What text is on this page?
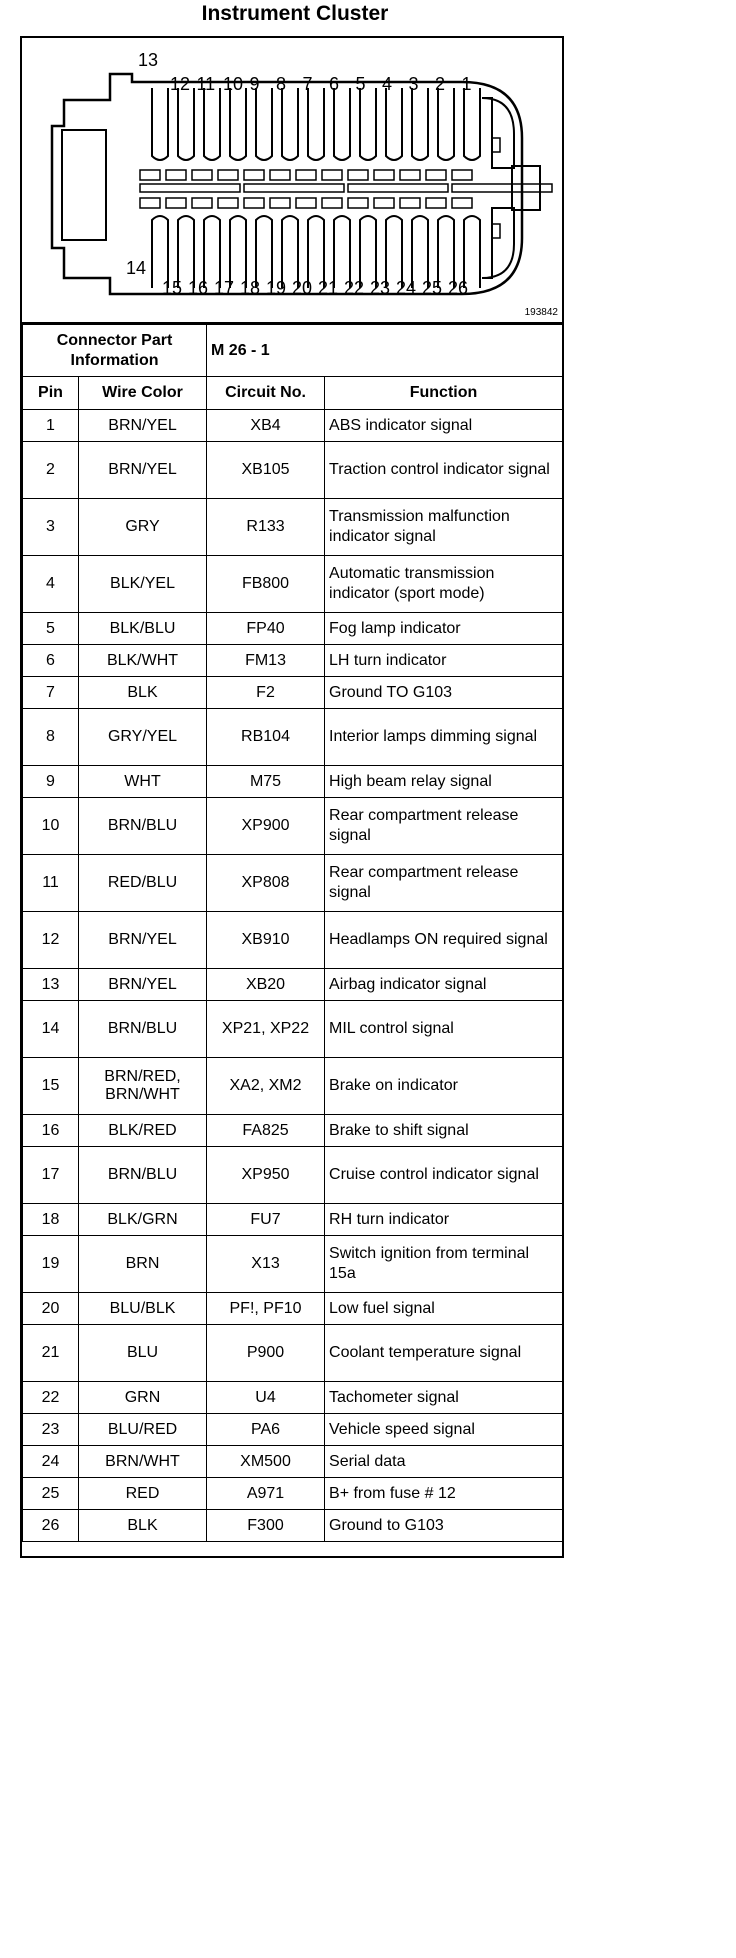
Instrument Cluster
13
12 11 10 9 8 7 6 5 4 3 2 1
14
15 16 17 18 19 20 21 22 23 24 25 26
193842
Connector Part Information		M 26 - 1	
Pin	Wire Color	Circuit No.	Function
1	BRN/YEL	XB4	ABS indicator signal
2	BRN/YEL	XB105	Traction control indicator signal
3	GRY	R133	Transmission malfunction indicator signal
4	BLK/YEL	FB800	Automatic transmission indicator (sport mode)
5	BLK/BLU	FP40	Fog lamp indicator
6	BLK/WHT	FM13	LH turn indicator
7	BLK	F2	Ground TO G103
8	GRY/YEL	RB104	Interior lamps dimming signal
9	WHT	M75	High beam relay signal
10	BRN/BLU	XP900	Rear compartment release signal
11	RED/BLU	XP808	Rear compartment release signal
12	BRN/YEL	XB910	Headlamps ON required signal
13	BRN/YEL	XB20	Airbag indicator signal
14	BRN/BLU	XP21, XP22	MIL control signal
15	BRN/RED, BRN/WHT	XA2, XM2	Brake on indicator
16	BLK/RED	FA825	Brake to shift signal
17	BRN/BLU	XP950	Cruise control indicator signal
18	BLK/GRN	FU7	RH turn indicator
19	BRN	X13	Switch ignition from terminal 15a
20	BLU/BLK	PF!, PF10	Low fuel signal
21	BLU	P900	Coolant temperature signal
22	GRN	U4	Tachometer signal
23	BLU/RED	PA6	Vehicle speed signal
24	BRN/WHT	XM500	Serial data
25	RED	A971	B+ from fuse # 12
26	BLK	F300	Ground to G103
